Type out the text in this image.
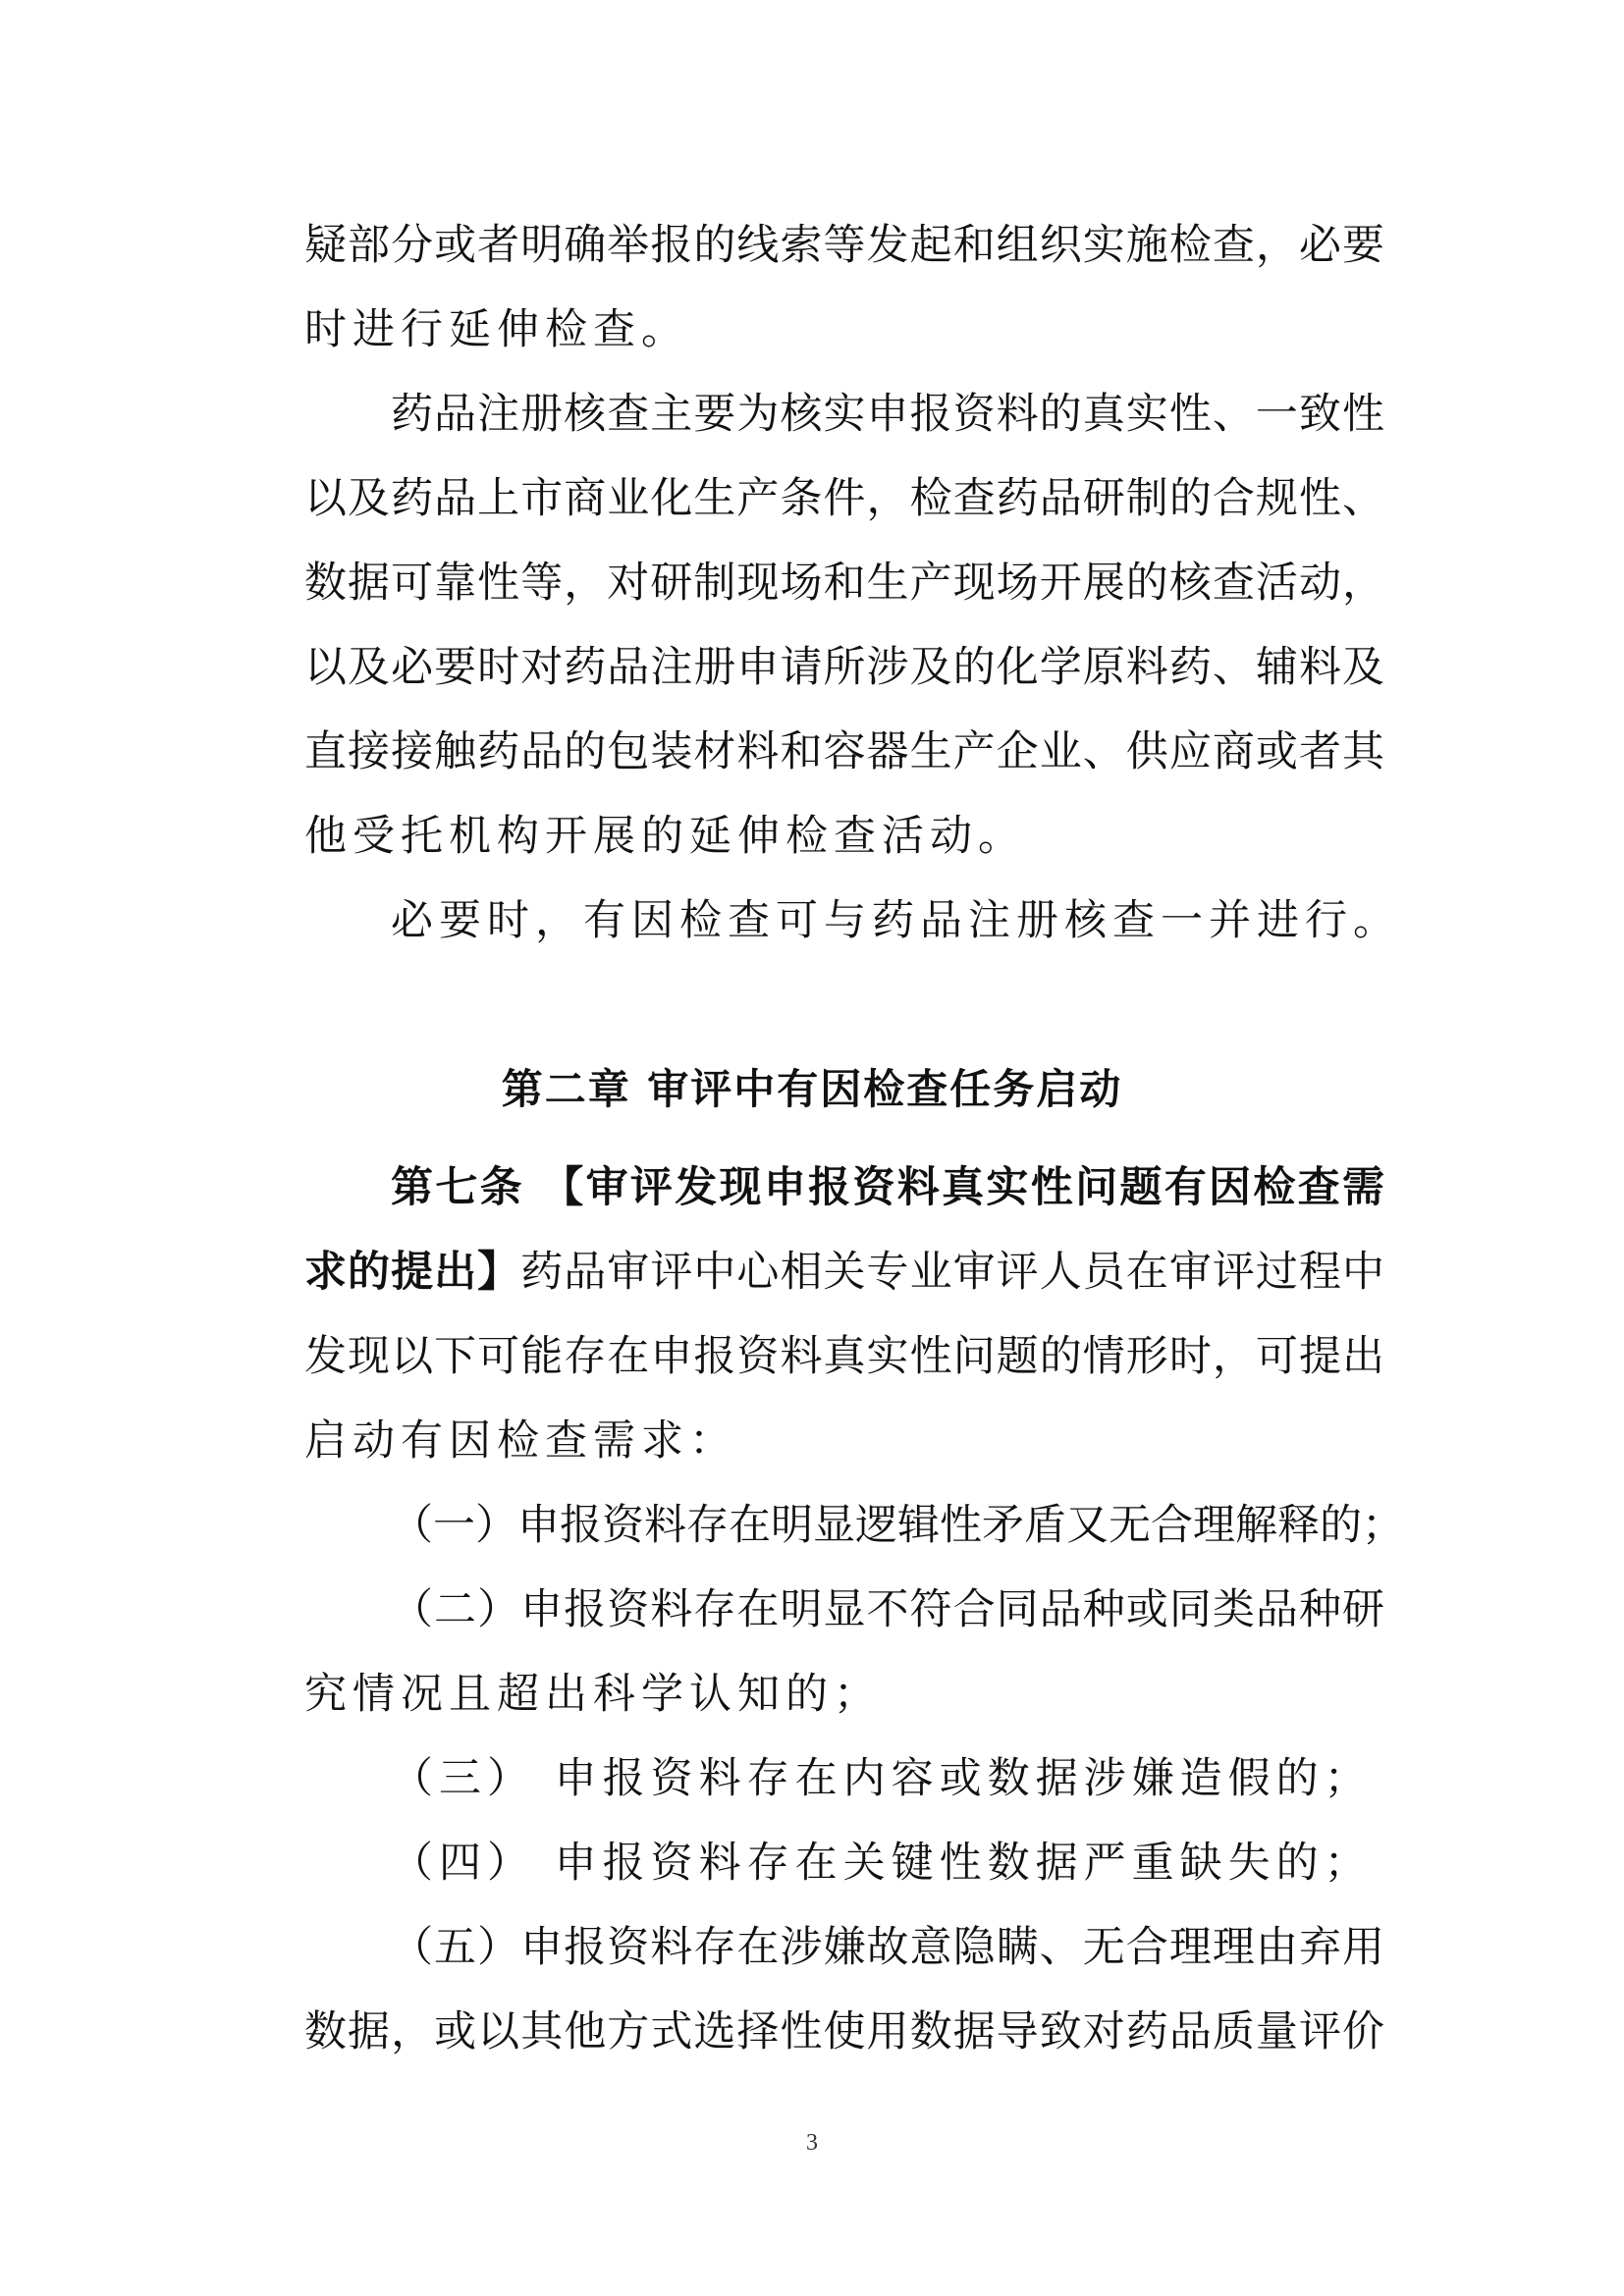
疑部分或者明确举报的线索等发起和组织实施检查，必要
时进行延伸检查。
药品注册核查主要为核实申报资料的真实性、一致性
以及药品上市商业化生产条件，检查药品研制的合规性、
数据可靠性等，对研制现场和生产现场开展的核查活动，
以及必要时对药品注册申请所涉及的化学原料药、辅料及
直接接触药品的包装材料和容器生产企业、供应商或者其
他受托机构开展的延伸检查活动。
必要时，有因检查可与药品注册核查一并进行。
第二章 审评中有因检查任务启动
第七条 【审评发现申报资料真实性问题有因检查需
求的提出】药品审评中心相关专业审评人员在审评过程中
发现以下可能存在申报资料真实性问题的情形时，可提出
启动有因检查需求：
（一）申报资料存在明显逻辑性矛盾又无合理解释的；
（二）申报资料存在明显不符合同品种或同类品种研
究情况且超出科学认知的；
（三） 申报资料存在内容或数据涉嫌造假的；
（四） 申报资料存在关键性数据严重缺失的；
（五）申报资料存在涉嫌故意隐瞒、无合理理由弃用
数据，或以其他方式选择性使用数据导致对药品质量评价
3
